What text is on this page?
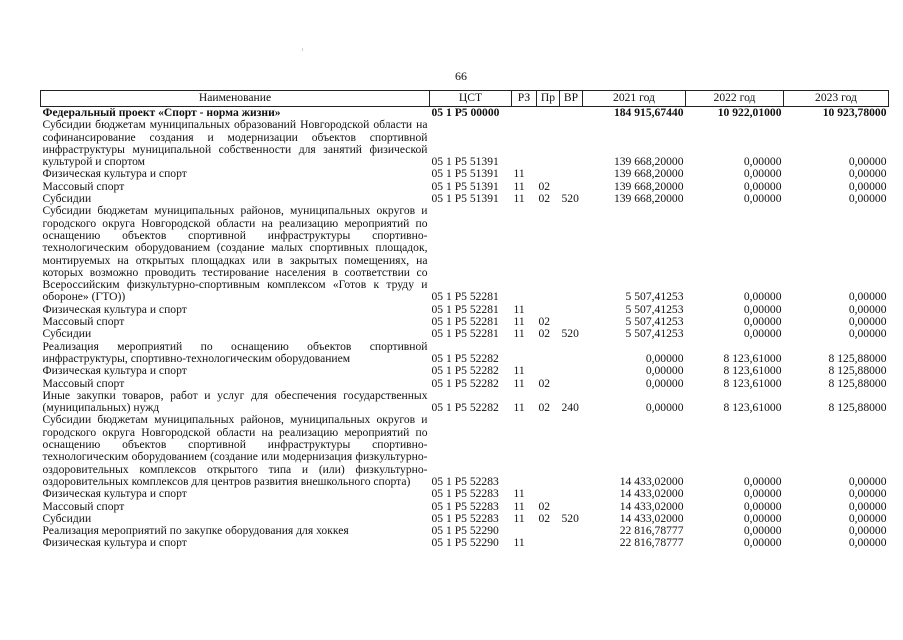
66
Наименование	ЦСТ	РЗ	Пр	ВР	2021 год	2022 год	2023 год
Федеральный проект «Спорт - норма жизни»	05 1 P5 00000				184 915,67440	10 922,01000	10 923,78000
Субсидии бюджетам муниципальных образований Новгородской области на софинансирование создания и модернизации объектов спортивной инфраструктуры муниципальной собственности для занятий физической культурой и спортом	05 1 P5 51391				139 668,20000	0,00000	0,00000
Физическая культура и спорт	05 1 P5 51391	11			139 668,20000	0,00000	0,00000
Массовый спорт	05 1 P5 51391	11	02		139 668,20000	0,00000	0,00000
Субсидии	05 1 P5 51391	11	02	520	139 668,20000	0,00000	0,00000
Субсидии бюджетам муниципальных районов, муниципальных округов и городского округа Новгородской области на реализацию мероприятий по оснащению объектов спортивной инфраструктуры спортивно-технологическим оборудованием (создание малых спортивных площадок, монтируемых на открытых площадках или в закрытых помещениях, на которых возможно проводить тестирование населения в соответствии со Всероссийским физкультурно-спортивным комплексом «Готов к труду и обороне» (ГТО))	05 1 P5 52281				5 507,41253	0,00000	0,00000
Физическая культура и спорт	05 1 P5 52281	11			5 507,41253	0,00000	0,00000
Массовый спорт	05 1 P5 52281	11	02		5 507,41253	0,00000	0,00000
Субсидии	05 1 P5 52281	11	02	520	5 507,41253	0,00000	0,00000
Реализация мероприятий по оснащению объектов спортивной инфраструктуры, спортивно-технологическим оборудованием	05 1 P5 52282				0,00000	8 123,61000	8 125,88000
Физическая культура и спорт	05 1 P5 52282	11			0,00000	8 123,61000	8 125,88000
Массовый спорт	05 1 P5 52282	11	02		0,00000	8 123,61000	8 125,88000
Иные закупки товаров, работ и услуг для обеспечения государственных (муниципальных) нужд	05 1 P5 52282	11	02	240	0,00000	8 123,61000	8 125,88000
Субсидии бюджетам муниципальных районов, муниципальных округов и городского округа Новгородской области на реализацию мероприятий по оснащению объектов спортивной инфраструктуры спортивно-технологическим оборудованием (создание или модернизация физкультурно-оздоровительных комплексов открытого типа и (или) физкультурно-оздоровительных комплексов для центров развития внешкольного спорта)	05 1 P5 52283				14 433,02000	0,00000	0,00000
Физическая культура и спорт	05 1 P5 52283	11			14 433,02000	0,00000	0,00000
Массовый спорт	05 1 P5 52283	11	02		14 433,02000	0,00000	0,00000
Субсидии	05 1 P5 52283	11	02	520	14 433,02000	0,00000	0,00000
Реализация мероприятий по закупке оборудования для хоккея	05 1 P5 52290				22 816,78777	0,00000	0,00000
Физическая культура и спорт	05 1 P5 52290	11			22 816,78777	0,00000	0,00000
